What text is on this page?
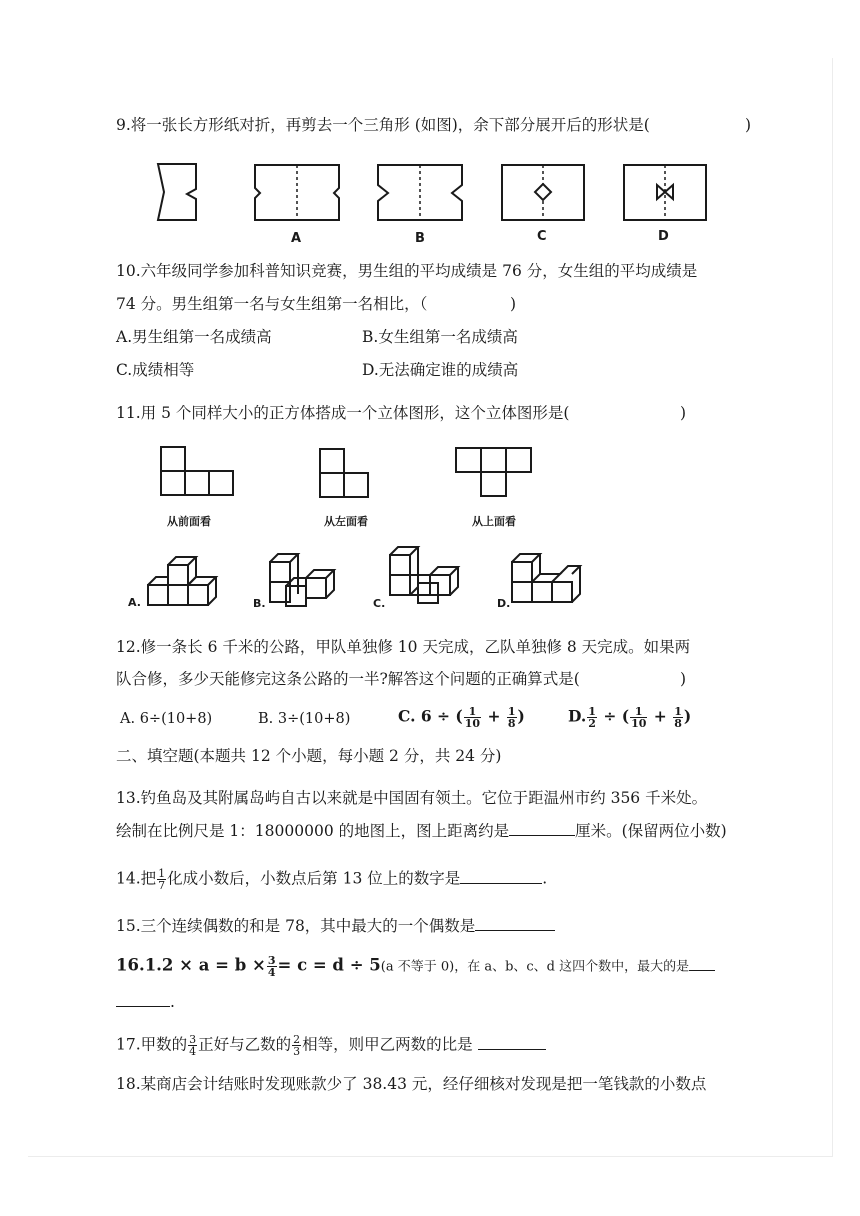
9.将一张长方形纸对折，再剪去一个三角形 (如图)，余下部分展开后的形状是(	)
A	B	C	D
10.六年级同学参加科普知识竞赛，男生组的平均成绩是 76 分，女生组的平均成绩是
74 分。男生组第一名与女生组第一名相比，（	)
A.男生组第一名成绩高	B.女生组第一名成绩高
C.成绩相等	D.无法确定谁的成绩高
11.用 5 个同样大小的正方体搭成一个立体图形，这个立体图形是(	)
从前面看	从左面看	从上面看
A.	B.	C.	D.
12.修一条长 6 千米的公路，甲队单独修 10 天完成，乙队单独修 8 天完成。如果两
队合修，多少天能修完这条公路的一半?解答这个问题的正确算式是(	)
A. 6÷(10+8)	B. 3÷(10+8)	C. 6 ÷ ( $\frac{1}{10} + \frac{1}{8}$ )	D. $\frac{1}{2}$ ÷ ( $\frac{1}{10} + \frac{1}{8}$ )
二、填空题(本题共 12 个小题，每小题 2 分，共 24 分)
13.钓鱼岛及其附属岛屿自古以来就是中国固有领土。它位于距温州市约 356 千米处。
绘制在比例尺是 1：18000000 的地图上，图上距离约是	厘米。(保留两位小数)
14.把 $\frac{1}{7}$ 化成小数后，小数点后第 13 位上的数字是	.
15.三个连续偶数的和是 78，其中最大的一个偶数是
$16.1.2 \times a = b \times \frac{3}{4} = c = d \div 5(a$ 不等于 0)，在 a、b、c、d 这四个数中，最大的是
.
17.甲数的 $\frac{3}{4}$ 正好与乙数的 $\frac{2}{3}$ 相等，则甲乙两数的比是
18.某商店会计结账时发现账款少了 38.43 元，经仔细核对发现是把一笔钱款的小数点
